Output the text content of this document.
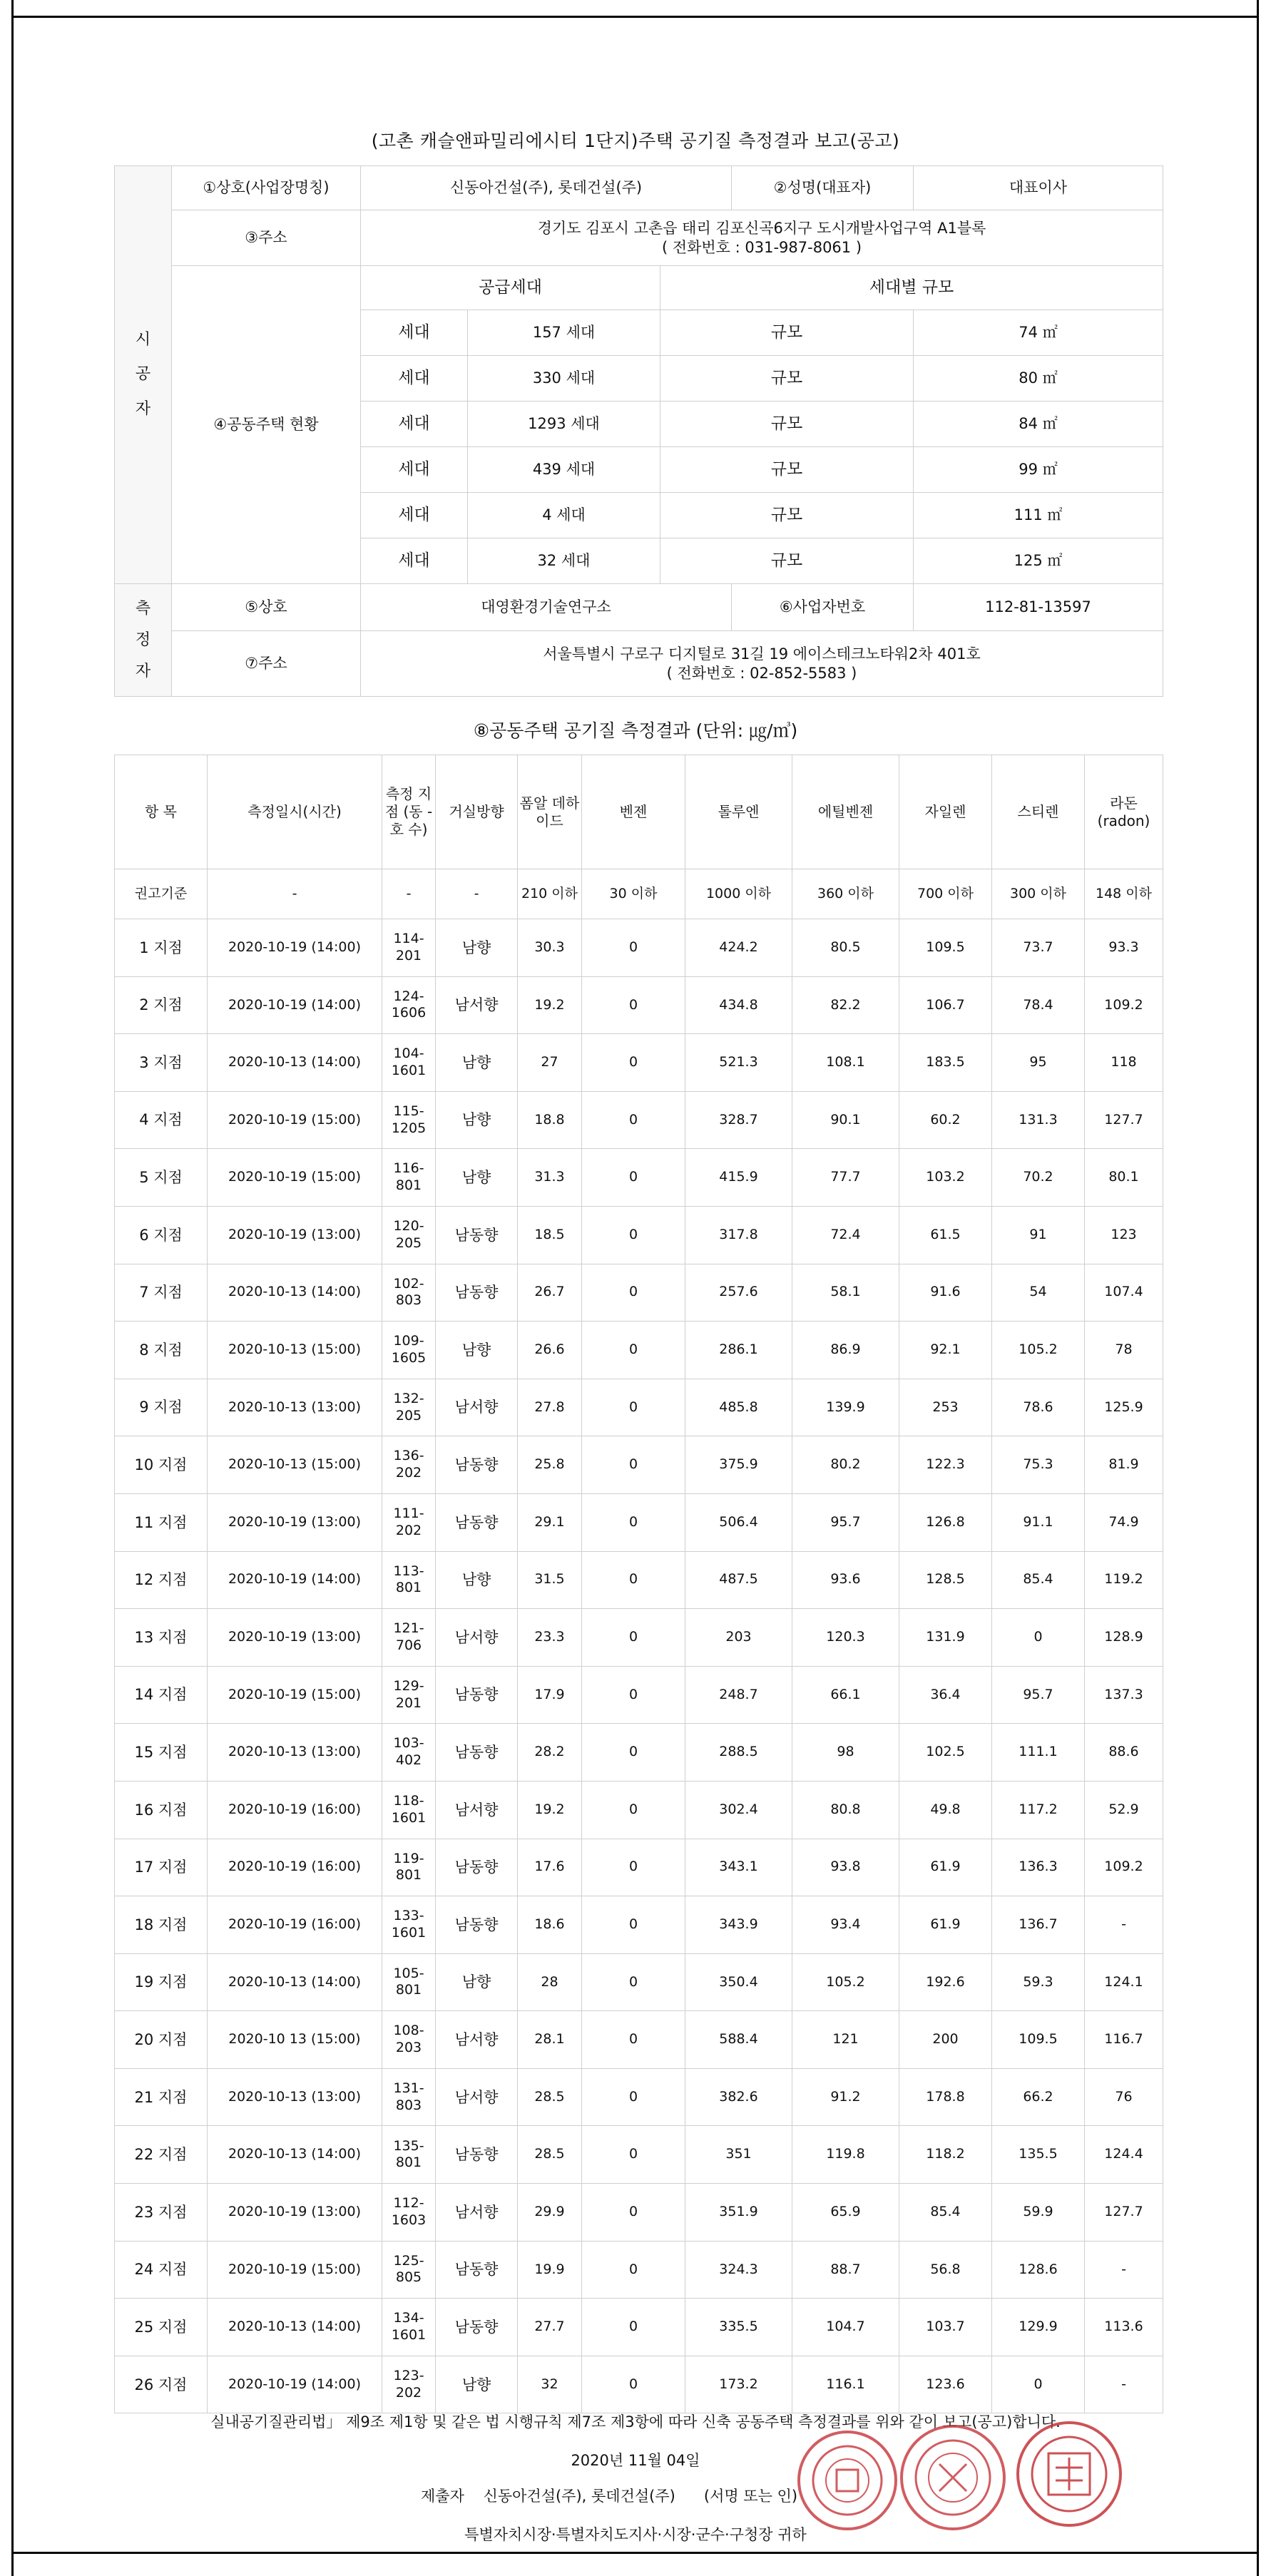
(고촌 캐슬앤파밀리에시티 1단지)주택 공기질 측정결과 보고(공고)
시
공
자	①상호(사업장명칭)	신동아건설(주), 롯데건설(주)			②성명(대표자)	대표이사
	③주소	경기도 김포시 고촌읍 태리 김포신곡6지구 도시개발사업구역 A1블록
( 전화번호 : 031-987-8061 )				

	④공동주택 현황	공급세대		세대별 규모		
		세대	157 세대	규모		74 ㎡
		세대	330 세대	규모		80 ㎡
		세대	1293 세대	규모		84 ㎡
		세대	439 세대	규모		99 ㎡
		세대	4 세대	규모		111 ㎡
		세대	32 세대	규모		125 ㎡
측
정
자	⑤상호	대영환경기술연구소			⑥사업자번호	112-81-13597
	⑦주소	서울특별시 구로구 디지털로 31길 19 에이스테크노타워2차 401호
( 전화번호 : 02-852-5583 )				
⑧공동주택 공기질 측정결과 (단위: ㎍/㎥)
항 목	측정일시(시간)	측정 지점 (동 -호 수)	거실방향	폼알 데하 이드	벤젠	톨루엔	에틸벤젠	자일렌	스티렌	라돈 (radon)
권고기준	-	-	-	210 이하	30 이하	1000 이하	360 이하	700 이하	300 이하	148 이하
1 지점	2020-10-19 (14:00)	114-201	남향	30.3	0	424.2	80.5	109.5	73.7	93.3
2 지점	2020-10-19 (14:00)	124-1606	남서향	19.2	0	434.8	82.2	106.7	78.4	109.2
3 지점	2020-10-13 (14:00)	104-1601	남향	27	0	521.3	108.1	183.5	95	118
4 지점	2020-10-19 (15:00)	115-1205	남향	18.8	0	328.7	90.1	60.2	131.3	127.7
5 지점	2020-10-19 (15:00)	116-801	남향	31.3	0	415.9	77.7	103.2	70.2	80.1
6 지점	2020-10-19 (13:00)	120-205	남동향	18.5	0	317.8	72.4	61.5	91	123
7 지점	2020-10-13 (14:00)	102-803	남동향	26.7	0	257.6	58.1	91.6	54	107.4
8 지점	2020-10-13 (15:00)	109-1605	남향	26.6	0	286.1	86.9	92.1	105.2	78
9 지점	2020-10-13 (13:00)	132-205	남서향	27.8	0	485.8	139.9	253	78.6	125.9
10 지점	2020-10-13 (15:00)	136-202	남동향	25.8	0	375.9	80.2	122.3	75.3	81.9
11 지점	2020-10-19 (13:00)	111-202	남동향	29.1	0	506.4	95.7	126.8	91.1	74.9
12 지점	2020-10-19 (14:00)	113-801	남향	31.5	0	487.5	93.6	128.5	85.4	119.2
13 지점	2020-10-19 (13:00)	121-706	남서향	23.3	0	203	120.3	131.9	0	128.9
14 지점	2020-10-19 (15:00)	129-201	남동향	17.9	0	248.7	66.1	36.4	95.7	137.3
15 지점	2020-10-13 (13:00)	103-402	남동향	28.2	0	288.5	98	102.5	111.1	88.6
16 지점	2020-10-19 (16:00)	118-1601	남서향	19.2	0	302.4	80.8	49.8	117.2	52.9
17 지점	2020-10-19 (16:00)	119-801	남동향	17.6	0	343.1	93.8	61.9	136.3	109.2
18 지점	2020-10-19 (16:00)	133-1601	남동향	18.6	0	343.9	93.4	61.9	136.7	-
19 지점	2020-10-13 (14:00)	105-801	남향	28	0	350.4	105.2	192.6	59.3	124.1
20 지점	2020-10 13 (15:00)	108-203	남서향	28.1	0	588.4	121	200	109.5	116.7
21 지점	2020-10-13 (13:00)	131-803	남서향	28.5	0	382.6	91.2	178.8	66.2	76
22 지점	2020-10-13 (14:00)	135-801	남동향	28.5	0	351	119.8	118.2	135.5	124.4
23 지점	2020-10-19 (13:00)	112-1603	남서향	29.9	0	351.9	65.9	85.4	59.9	127.7
24 지점	2020-10-19 (15:00)	125-805	남동향	19.9	0	324.3	88.7	56.8	128.6	-
25 지점	2020-10-13 (14:00)	134-1601	남동향	27.7	0	335.5	104.7	103.7	129.9	113.6
26 지점	2020-10-19 (14:00)	123-202	남향	32	0	173.2	116.1	123.6	0	-
실내공기질관리법」 제9조 제1항 및 같은 법 시행규칙 제7조 제3항에 따라 신축 공동주택 측정결과를 위와 같이 보고(공고)합니다.
2020년 11월 04일
제출자 신동아건설(주), 롯데건설(주) (서명 또는 인)
특별자치시장·특별자치도지사·시장·군수·구청장 귀하
